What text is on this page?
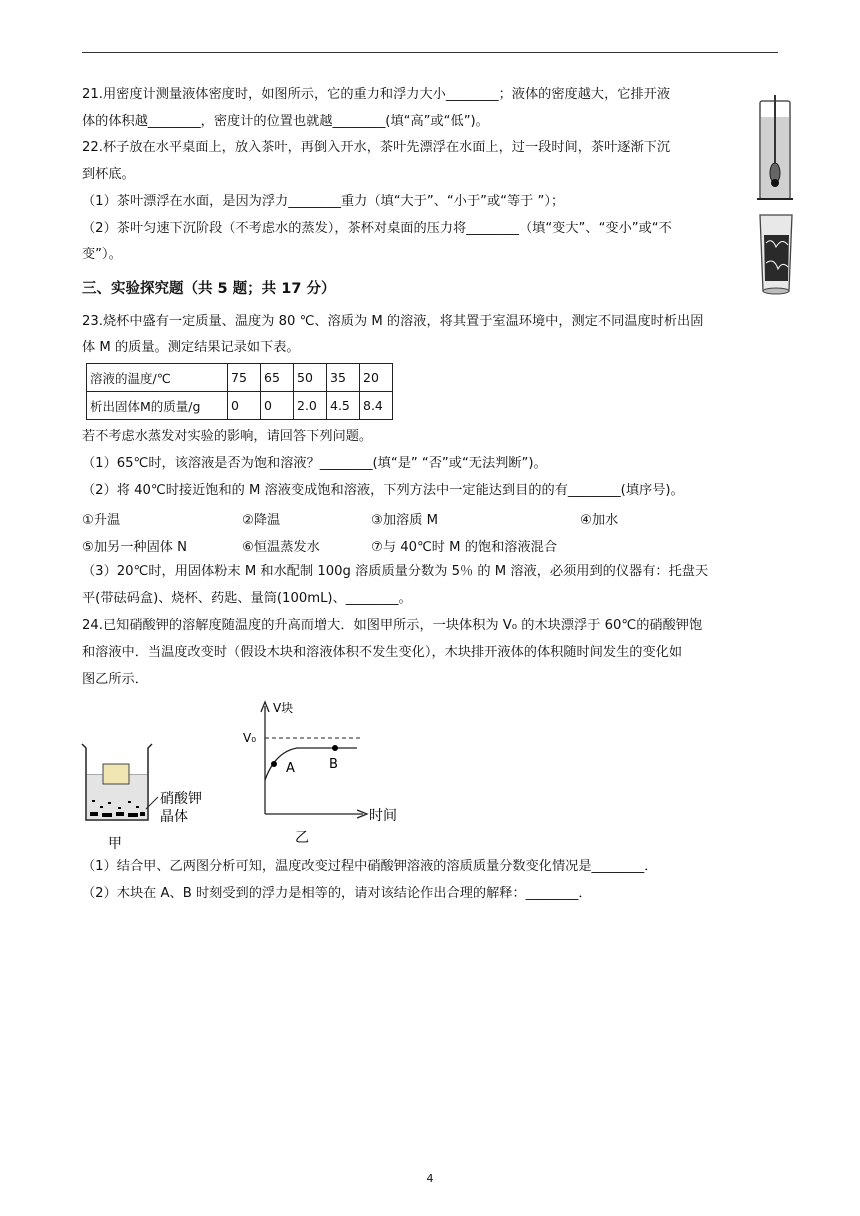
21.用密度计测量液体密度时，如图所示，它的重力和浮力大小________；液体的密度越大，它排开液
体的体积越________，密度计的位置也就越________(填“高”或“低”)。
22.杯子放在水平桌面上，放入茶叶，再倒入开水，茶叶先漂浮在水面上，过一段时间，茶叶逐渐下沉
到杯底。
（1）茶叶漂浮在水面，是因为浮力________重力（填“大于”、“小于”或“等于 ”）；
（2）茶叶匀速下沉阶段（不考虑水的蒸发），茶杯对桌面的压力将________（填“变大”、“变小”或“不
变”）。
三、实验探究题（共 5 题；共 17 分）
23.烧杯中盛有一定质量、温度为 80 ℃、溶质为 M 的溶液，将其置于室温环境中，测定不同温度时析出固
体 M 的质量。测定结果记录如下表。
溶液的温度/℃	75	65	50	35	20
析出固体M的质量/g	0	0	2.0	4.5	8.4
若不考虑水蒸发对实验的影响，请回答下列问题。
（1）65℃时，该溶液是否为饱和溶液？________(填“是” “否”或“无法判断”)。
（2）将 40℃时接近饱和的 M 溶液变成饱和溶液，下列方法中一定能达到目的的有________(填序号)。
①升温	②降温	③加溶质 M	④加水
⑤加另一种固体 N	⑥恒温蒸发水	⑦与 40℃时 M 的饱和溶液混合
（3）20℃时，用固体粉末 M 和水配制 100g 溶质质量分数为 5％ 的 M 溶液，必须用到的仪器有：托盘天
平(带砝码盒)、烧杯、药匙、量筒(100mL)、________。
24.已知硝酸钾的溶解度随温度的升高而增大．如图甲所示，一块体积为 V₀ 的木块漂浮于 60℃的硝酸钾饱
和溶液中．当温度改变时（假设木块和溶液体积不发生变化），木块排开液体的体积随时间发生的变化如
图乙所示．
硝酸钾
晶体
甲
V块
V₀
A	B
时间
乙
（1）结合甲、乙两图分析可知，温度改变过程中硝酸钾溶液的溶质质量分数变化情况是________．
（2）木块在 A、B 时刻受到的浮力是相等的，请对该结论作出合理的解释：________．
4
